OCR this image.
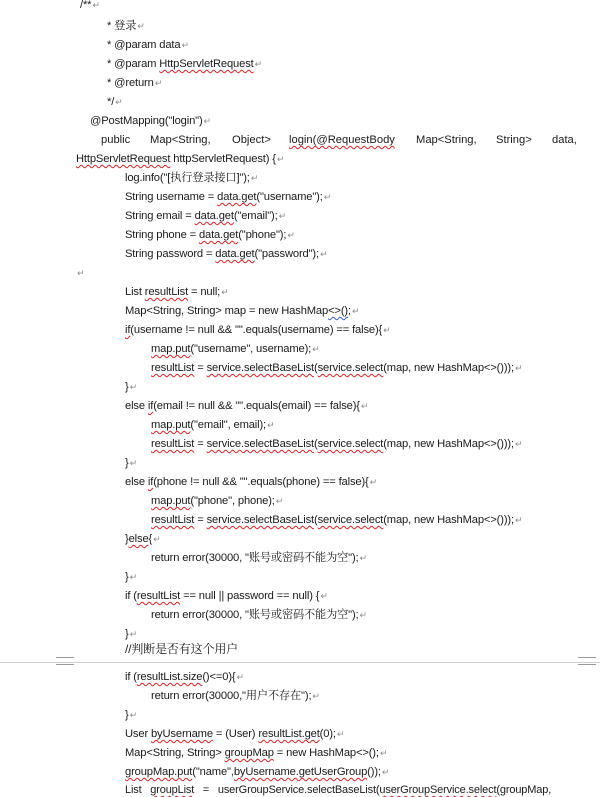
/**↵
* 登录↵
* @param data↵
* @param HttpServletRequest↵
* @return↵
*/↵
@PostMapping("login")↵
public Map<String, Object> login(@RequestBody Map<String, String> data,
HttpServletRequest httpServletRequest) {↵
log.info("[执行登录接口]");↵
String username = data.get("username");↵
String email = data.get("email");↵
String phone = data.get("phone");↵
String password = data.get("password");↵
↵
List resultList = null;↵
Map<String, String> map = new HashMap<>();↵
if(username != null && "".equals(username) == false){↵
map.put("username", username);↵
resultList = service.selectBaseList(service.select(map, new HashMap<>()));↵
}↵
else if(email != null && "".equals(email) == false){↵
map.put("email", email);↵
resultList = service.selectBaseList(service.select(map, new HashMap<>()));↵
}↵
else if(phone != null && "".equals(phone) == false){↵
map.put("phone", phone);↵
resultList = service.selectBaseList(service.select(map, new HashMap<>()));↵
}else{↵
return error(30000, "账号或密码不能为空");↵
}↵
if (resultList == null || password == null) {↵
return error(30000, "账号或密码不能为空");↵
}↵
//判断是否有这个用户
if (resultList.size()<=0){↵
return error(30000,"用户不存在");↵
}↵
User byUsername = (User) resultList.get(0);↵
Map<String, String> groupMap = new HashMap<>();↵
groupMap.put("name",byUsername.getUserGroup());↵
List   groupList   =   userGroupService.selectBaseList(userGroupService.select(groupMap,
